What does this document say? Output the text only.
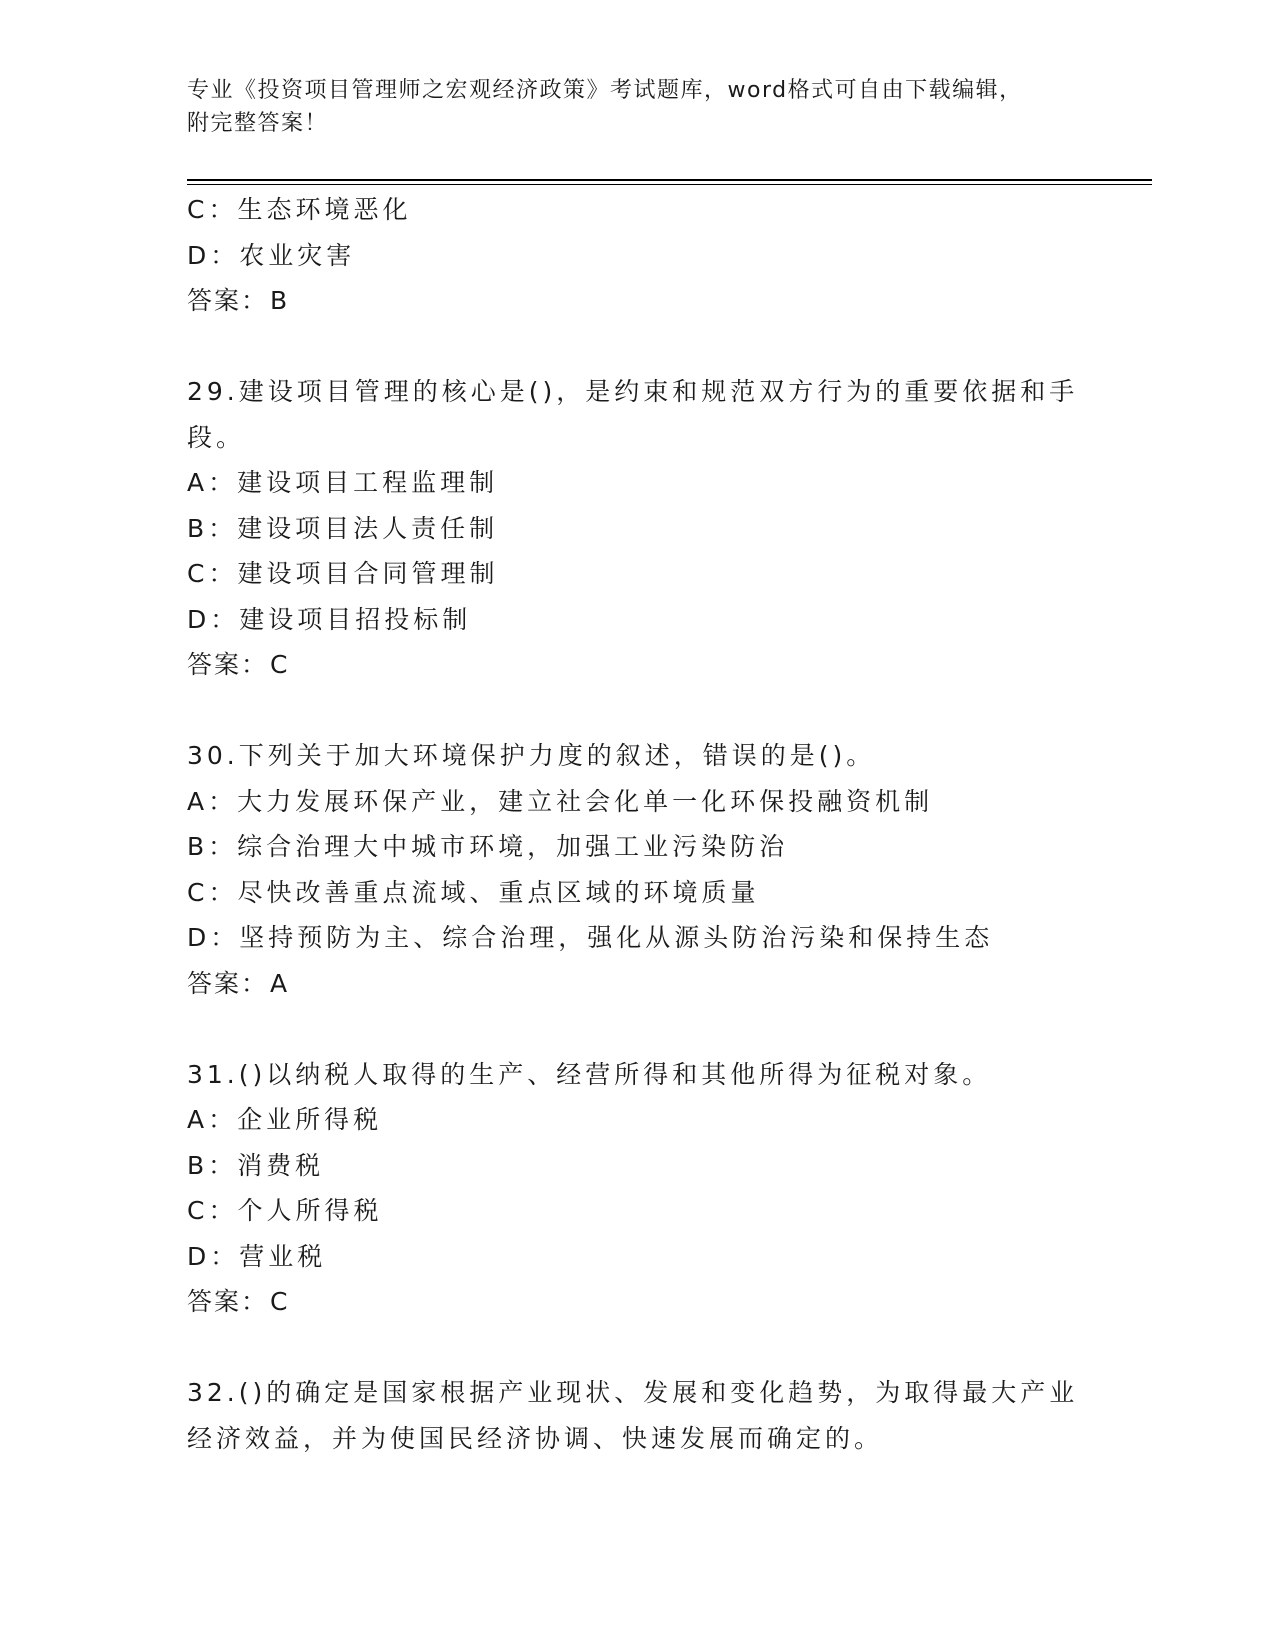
专业《投资项目管理师之宏观经济政策》考试题库，word格式可自由下载编辑，
附完整答案！
C：生态环境恶化
D：农业灾害
答案：B
29.建设项目管理的核心是()，是约束和规范双方行为的重要依据和手
段。
A：建设项目工程监理制
B：建设项目法人责任制
C：建设项目合同管理制
D：建设项目招投标制
答案：C
30.下列关于加大环境保护力度的叙述，错误的是()。
A：大力发展环保产业，建立社会化单一化环保投融资机制
B：综合治理大中城市环境，加强工业污染防治
C：尽快改善重点流域、重点区域的环境质量
D：坚持预防为主、综合治理，强化从源头防治污染和保持生态
答案：A
31.()以纳税人取得的生产、经营所得和其他所得为征税对象。
A：企业所得税
B：消费税
C：个人所得税
D：营业税
答案：C
32.()的确定是国家根据产业现状、发展和变化趋势，为取得最大产业
经济效益，并为使国民经济协调、快速发展而确定的。
